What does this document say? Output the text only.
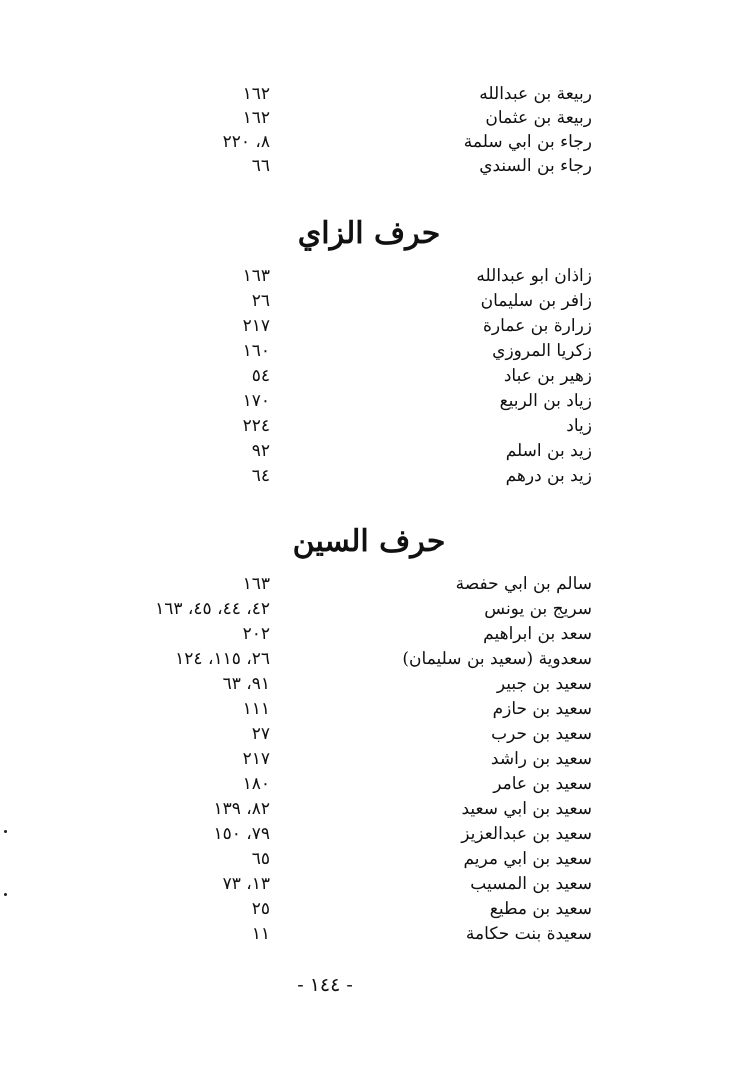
ربيعة بن عبدالله
١٦٢
ربيعة بن عثمان
١٦٢
رجاء بن ابي سلمة
٨، ٢٢٠
رجاء بن السندي
٦٦
حرف الزاي
زاذان ابو عبدالله
١٦٣
زافر بن سليمان
٢٦
زرارة بن عمارة
٢١٧
زكريا المروزي
١٦٠
زهير بن عباد
٥٤
زياد بن الربيع
١٧٠
زياد
٢٢٤
زيد بن اسلم
٩٢
زيد بن درهم
٦٤
حرف السين
سالم بن ابي حفصة
١٦٣
سريج بن يونس
٤٢، ٤٤، ٤٥، ١٦٣
سعد بن ابراهيم
٢٠٢
سعدوية (سعيد بن سليمان)
٢٦، ١١٥، ١٢٤
سعيد بن جبير
٩١، ٦٣
سعيد بن حازم
١١١
سعيد بن حرب
٢٧
سعيد بن راشد
٢١٧
سعيد بن عامر
١٨٠
سعيد بن ابي سعيد
٨٢، ١٣٩
سعيد بن عبدالعزيز
٧٩، ١٥٠
سعيد بن ابي مريم
٦٥
سعيد بن المسيب
١٣، ٧٣
سعيد بن مطيع
٢٥
سعيدة بنت حكامة
١١
- ١٤٤ -
